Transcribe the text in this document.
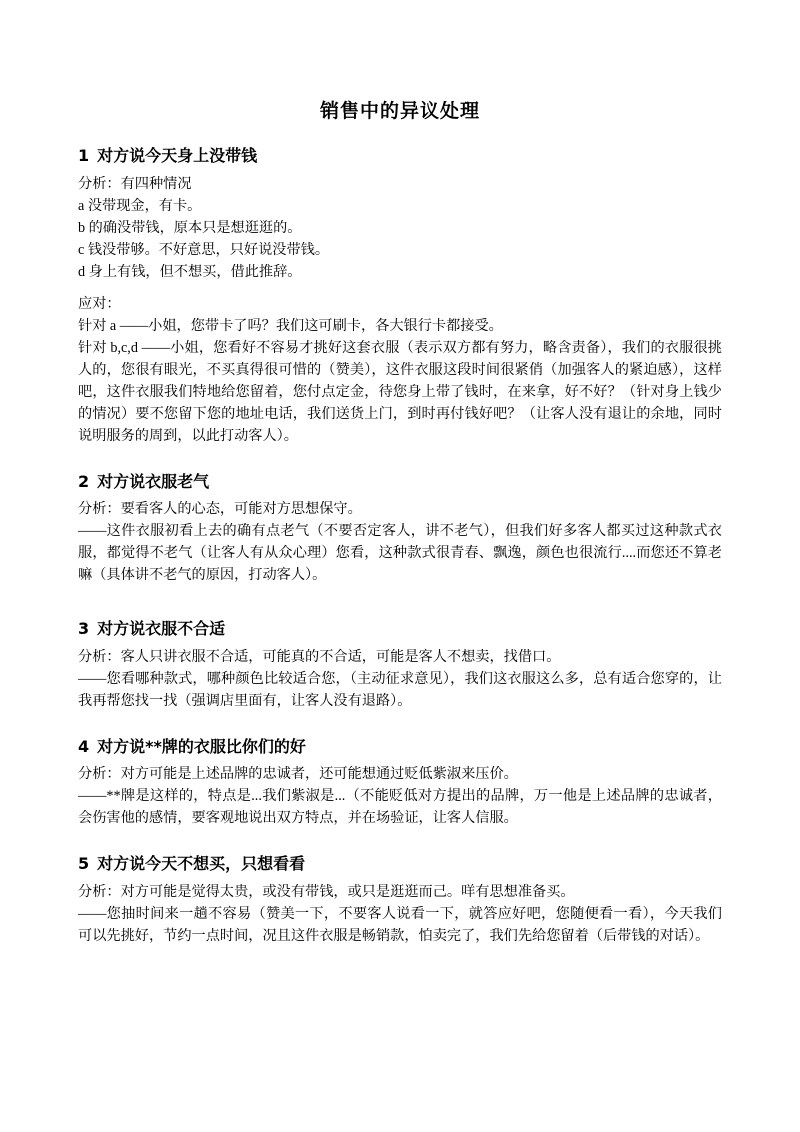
销售中的异议处理
1 对方说今天身上没带钱

分析：有四种情况

a 没带现金，有卡。

b 的确没带钱，原本只是想逛逛的。

c 钱没带够。不好意思，只好说没带钱。

d 身上有钱，但不想买，借此推辞。

应对：

针对 a ——小姐，您带卡了吗？我们这可刷卡，各大银行卡都接受。

针对 b,c,d ——小姐，您看好不容易才挑好这套衣服（表示双方都有努力，略含责备），我们的衣服很挑人的，您很有眼光，不买真得很可惜的（赞美），这件衣服这段时间很紧俏（加强客人的紧迫感），这样吧，这件衣服我们特地给您留着，您付点定金，待您身上带了钱时，在来拿，好不好？（针对身上钱少的情况）要不您留下您的地址电话，我们送货上门，到时再付钱好吧？（让客人没有退让的余地，同时说明服务的周到，以此打动客人）。

2 对方说衣服老气

分析：要看客人的心态，可能对方思想保守。

——这件衣服初看上去的确有点老气（不要否定客人，讲不老气），但我们好多客人都买过这种款式衣服，都觉得不老气（让客人有从众心理）您看，这种款式很青春、飘逸，颜色也很流行....而您还不算老嘛（具体讲不老气的原因，打动客人）。

3 对方说衣服不合适

分析：客人只讲衣服不合适，可能真的不合适，可能是客人不想卖，找借口。

——您看哪种款式，哪种颜色比较适合您，（主动征求意见），我们这衣服这么多，总有适合您穿的，让我再帮您找一找（强调店里面有，让客人没有退路）。

4 对方说**牌的衣服比你们的好

分析：对方可能是上述品牌的忠诚者，还可能想通过贬低紫淑来压价。

——**牌是这样的，特点是...我们紫淑是...（不能贬低对方提出的品牌，万一他是上述品牌的忠诚者，会伤害他的感情，要客观地说出双方特点，并在场验证，让客人信服。

5 对方说今天不想买，只想看看

分析：对方可能是觉得太贵，或没有带钱，或只是逛逛而己。咩有思想准备买。

——您抽时间来一趟不容易（赞美一下，不要客人说看一下，就答应好吧，您随便看一看），今天我们可以先挑好，节约一点时间，况且这件衣服是畅销款，怕卖完了，我们先给您留着（后带钱的对话）。
